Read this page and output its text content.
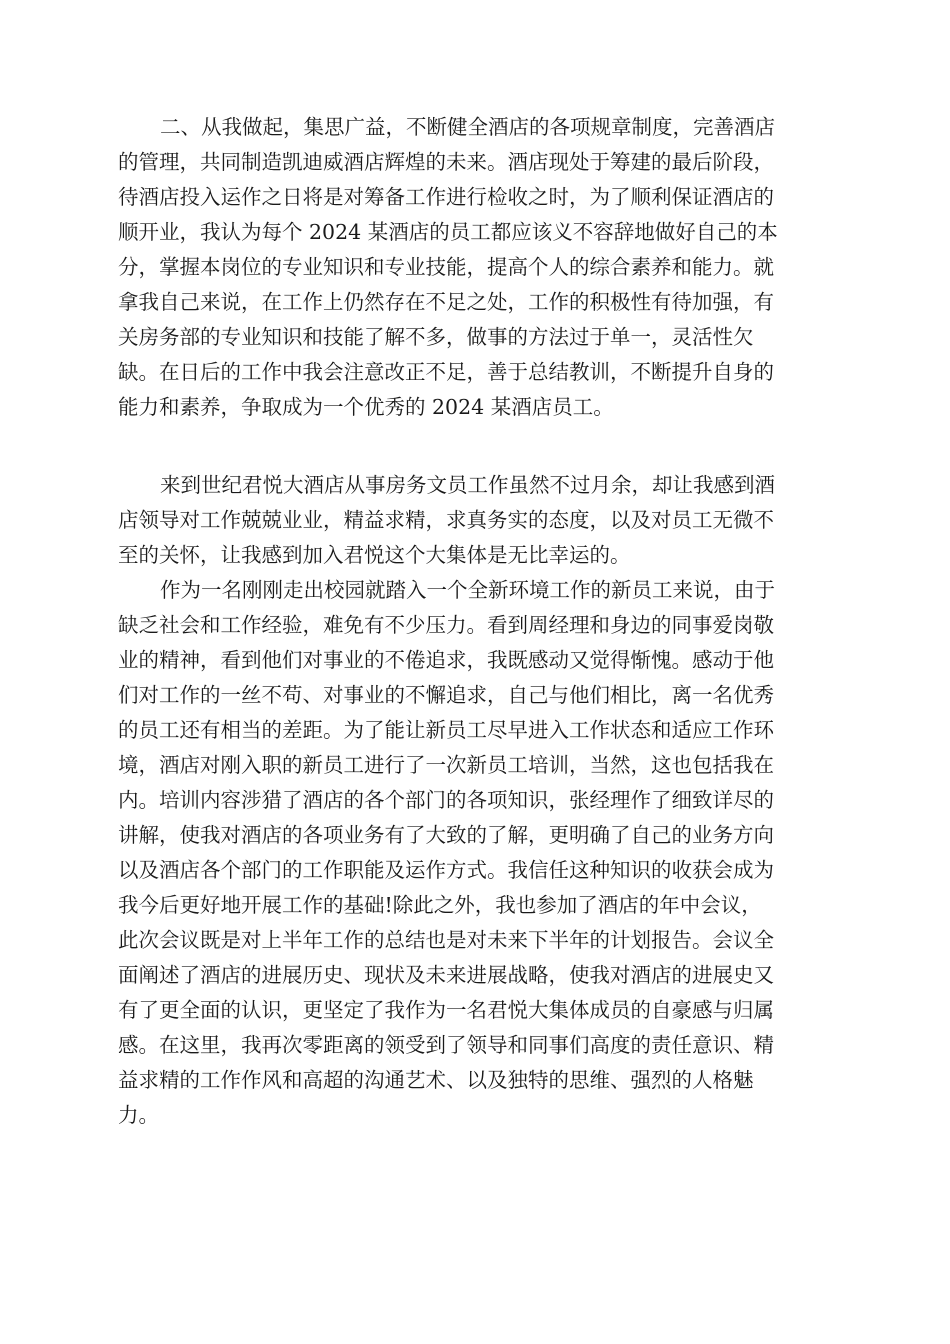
二、从我做起，集思广益，不断健全酒店的各项规章制度，完善酒店
的管理，共同制造凯迪威酒店辉煌的未来。酒店现处于筹建的最后阶段，
待酒店投入运作之日将是对筹备工作进行检收之时，为了顺利保证酒店的
顺开业，我认为每个 2024 某酒店的员工都应该义不容辞地做好自己的本
分，掌握本岗位的专业知识和专业技能，提高个人的综合素养和能力。就
拿我自己来说，在工作上仍然存在不足之处，工作的积极性有待加强，有
关房务部的专业知识和技能了解不多，做事的方法过于单一，灵活性欠
缺。在日后的工作中我会注意改正不足，善于总结教训，不断提升自身的
能力和素养，争取成为一个优秀的 2024 某酒店员工。
来到世纪君悦大酒店从事房务文员工作虽然不过月余，却让我感到酒
店领导对工作兢兢业业，精益求精，求真务实的态度，以及对员工无微不
至的关怀，让我感到加入君悦这个大集体是无比幸运的。
作为一名刚刚走出校园就踏入一个全新环境工作的新员工来说，由于
缺乏社会和工作经验，难免有不少压力。看到周经理和身边的同事爱岗敬
业的精神，看到他们对事业的不倦追求，我既感动又觉得惭愧。感动于他
们对工作的一丝不苟、对事业的不懈追求，自己与他们相比，离一名优秀
的员工还有相当的差距。为了能让新员工尽早进入工作状态和适应工作环
境，酒店对刚入职的新员工进行了一次新员工培训，当然，这也包括我在
内。培训内容涉猎了酒店的各个部门的各项知识，张经理作了细致详尽的
讲解，使我对酒店的各项业务有了大致的了解，更明确了自己的业务方向
以及酒店各个部门的工作职能及运作方式。我信任这种知识的收获会成为
我今后更好地开展工作的基础!除此之外，我也参加了酒店的年中会议，
此次会议既是对上半年工作的总结也是对未来下半年的计划报告。会议全
面阐述了酒店的进展历史、现状及未来进展战略，使我对酒店的进展史又
有了更全面的认识，更坚定了我作为一名君悦大集体成员的自豪感与归属
感。在这里，我再次零距离的领受到了领导和同事们高度的责任意识、精
益求精的工作作风和高超的沟通艺术、以及独特的思维、强烈的人格魅
力。
